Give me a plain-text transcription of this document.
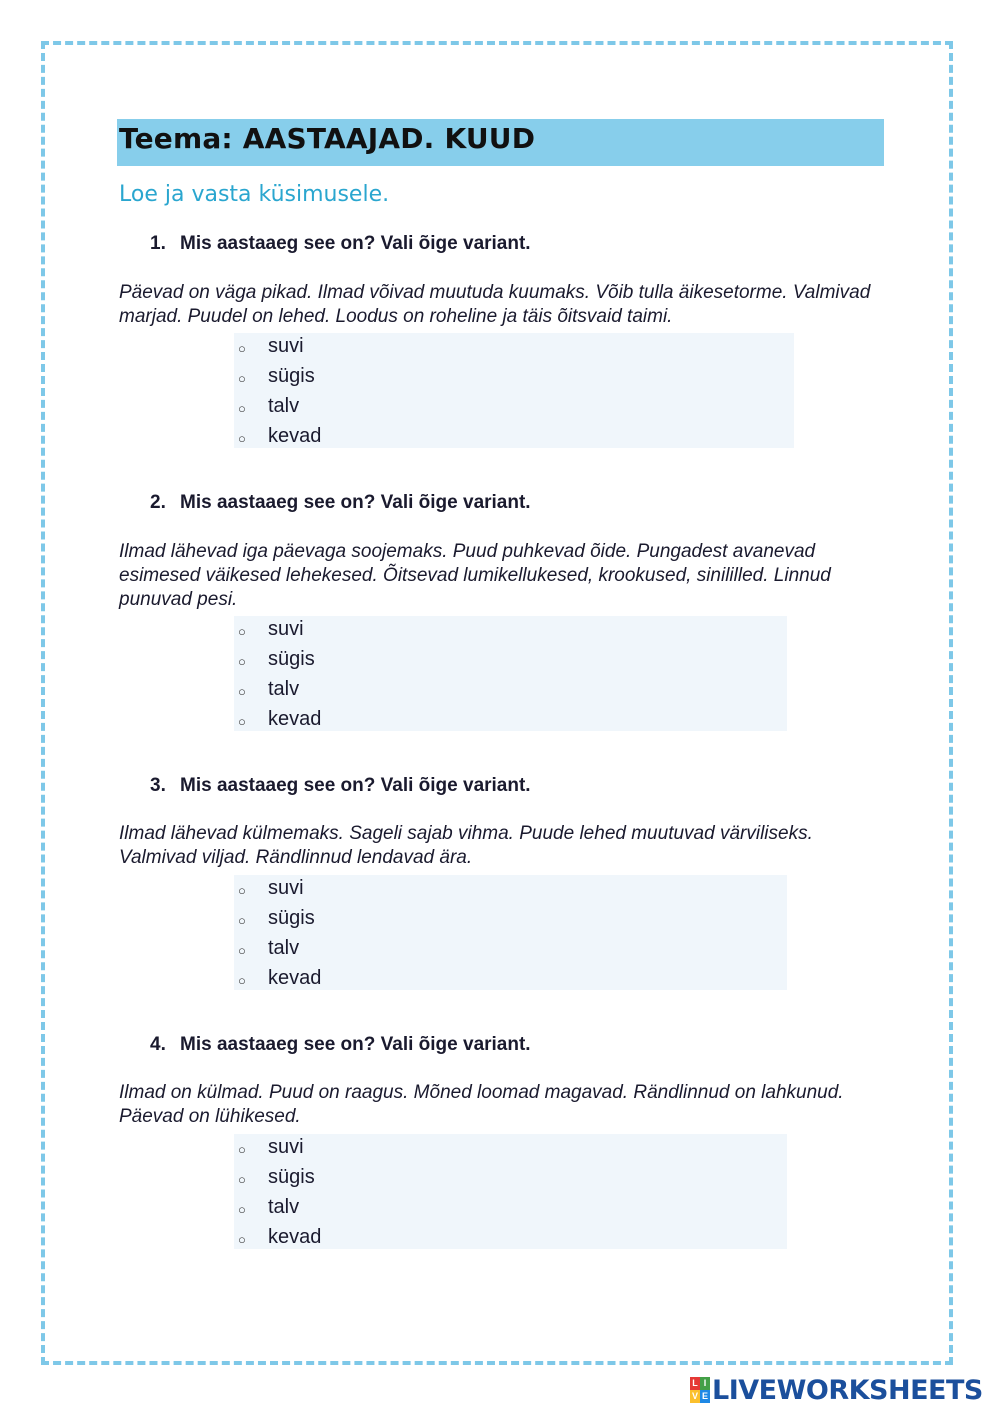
Teema: AASTAAJAD. KUUD
Loe ja vasta küsimusele.
1. Mis aastaaeg see on? Vali õige variant.
Päevad on väga pikad. Ilmad võivad muutuda kuumaks. Võib tulla äikesetorme. Valmivad marjad. Puudel on lehed. Loodus on roheline ja täis õitsvaid taimi.
○ suvi
○ sügis
○ talv
○ kevad
2. Mis aastaaeg see on? Vali õige variant.
Ilmad lähevad iga päevaga soojemaks. Puud puhkevad õide. Pungadest avanevad esimesed väikesed lehekesed. Õitsevad lumikellukesed, krookused, sinililled. Linnud punuvad pesi.
○ suvi
○ sügis
○ talv
○ kevad
3. Mis aastaaeg see on? Vali õige variant.
Ilmad lähevad külmemaks. Sageli sajab vihma. Puude lehed muutuvad värviliseks. Valmivad viljad. Rändlinnud lendavad ära.
○ suvi
○ sügis
○ talv
○ kevad
4. Mis aastaaeg see on? Vali õige variant.
Ilmad on külmad. Puud on raagus. Mõned loomad magavad. Rändlinnud on lahkunud. Päevad on lühikesed.
○ suvi
○ sügis
○ talv
○ kevad
L I
V E LIVEWORKSHEETS
